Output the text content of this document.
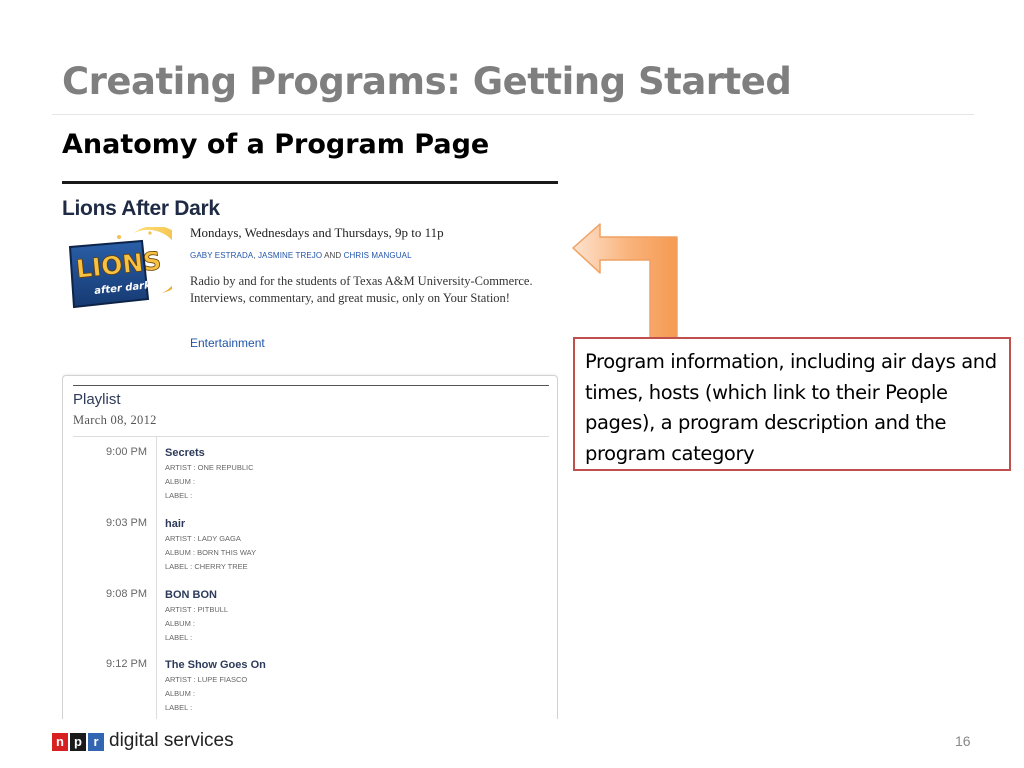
Creating Programs: Getting Started
Anatomy of a Program Page
Lions After Dark
LIONS
after dark
Mondays, Wednesdays and Thursdays, 9p to 11p
GABY ESTRADA, JASMINE TREJO AND CHRIS MANGUAL
Radio by and for the students of Texas A&M University-Commerce. Interviews, commentary, and great music, only on Your Station!
Entertainment
Playlist
March 08, 2012
9:00 PM Secrets
ARTIST : ONE REPUBLIC
ALBUM :
LABEL :
9:03 PM hair
ARTIST : LADY GAGA
ALBUM : BORN THIS WAY
LABEL : CHERRY TREE
9:08 PM BON BON
ARTIST : PITBULL
ALBUM :
LABEL :
9:12 PM The Show Goes On
ARTIST : LUPE FIASCO
ALBUM :
LABEL :
Program information, including air days and times, hosts (which link to their People pages), a program description and the program category
n p r digital services	16
